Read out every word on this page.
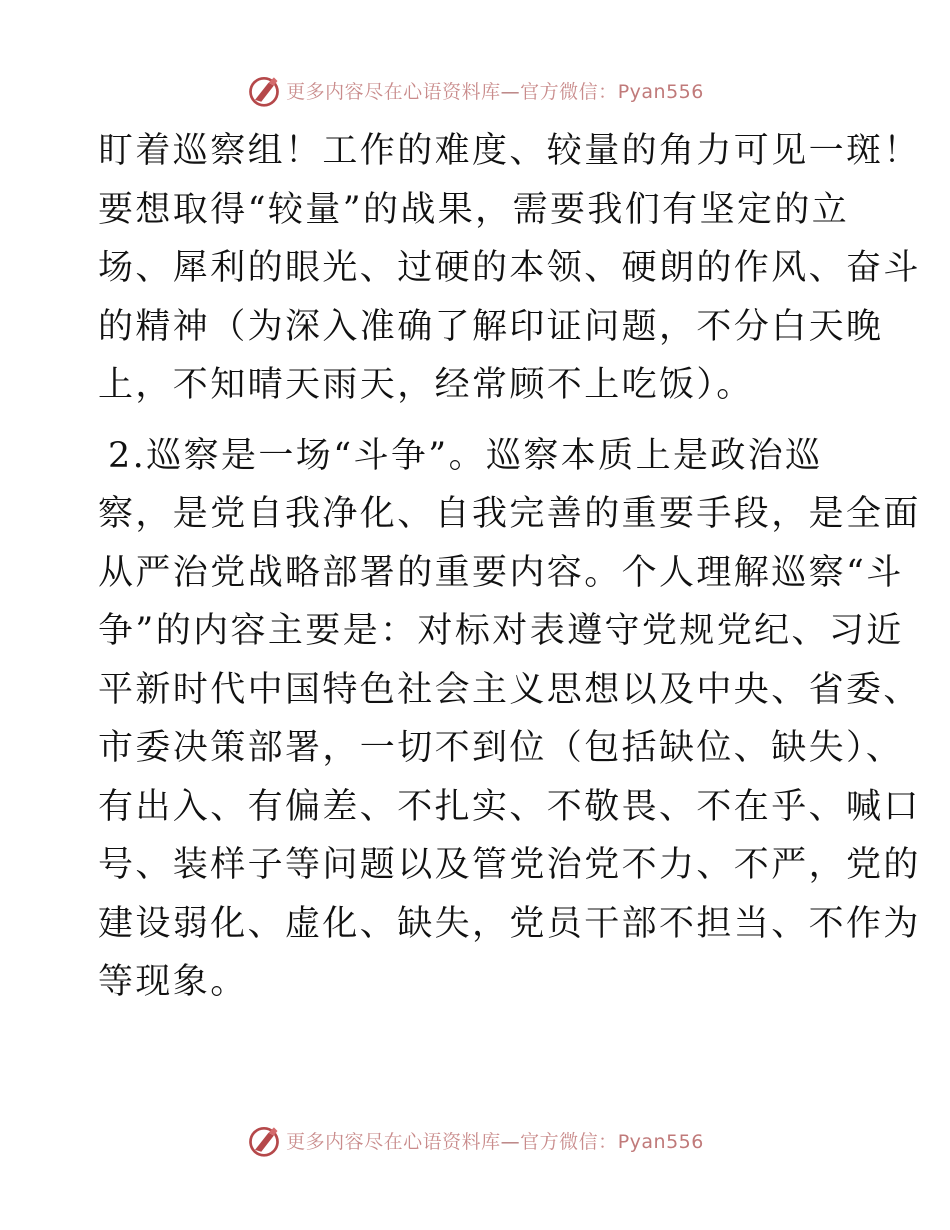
更多内容尽在心语资料库—官方微信：Pyan556

盯着巡察组！工作的难度、较量的角力可见一斑！
要想取得“较量”的战果，需要我们有坚定的立
场、犀利的眼光、过硬的本领、硬朗的作风、奋斗
的精神（为深入准确了解印证问题，不分白天晚
上，不知晴天雨天，经常顾不上吃饭）。

2.巡察是一场“斗争”。巡察本质上是政治巡
察，是党自我净化、自我完善的重要手段，是全面
从严治党战略部署的重要内容。个人理解巡察“斗
争”的内容主要是：对标对表遵守党规党纪、习近
平新时代中国特色社会主义思想以及中央、省委、
市委决策部署，一切不到位（包括缺位、缺失）、
有出入、有偏差、不扎实、不敬畏、不在乎、喊口
号、装样子等问题以及管党治党不力、不严，党的
建设弱化、虚化、缺失，党员干部不担当、不作为
等现象。

更多内容尽在心语资料库—官方微信：Pyan556
